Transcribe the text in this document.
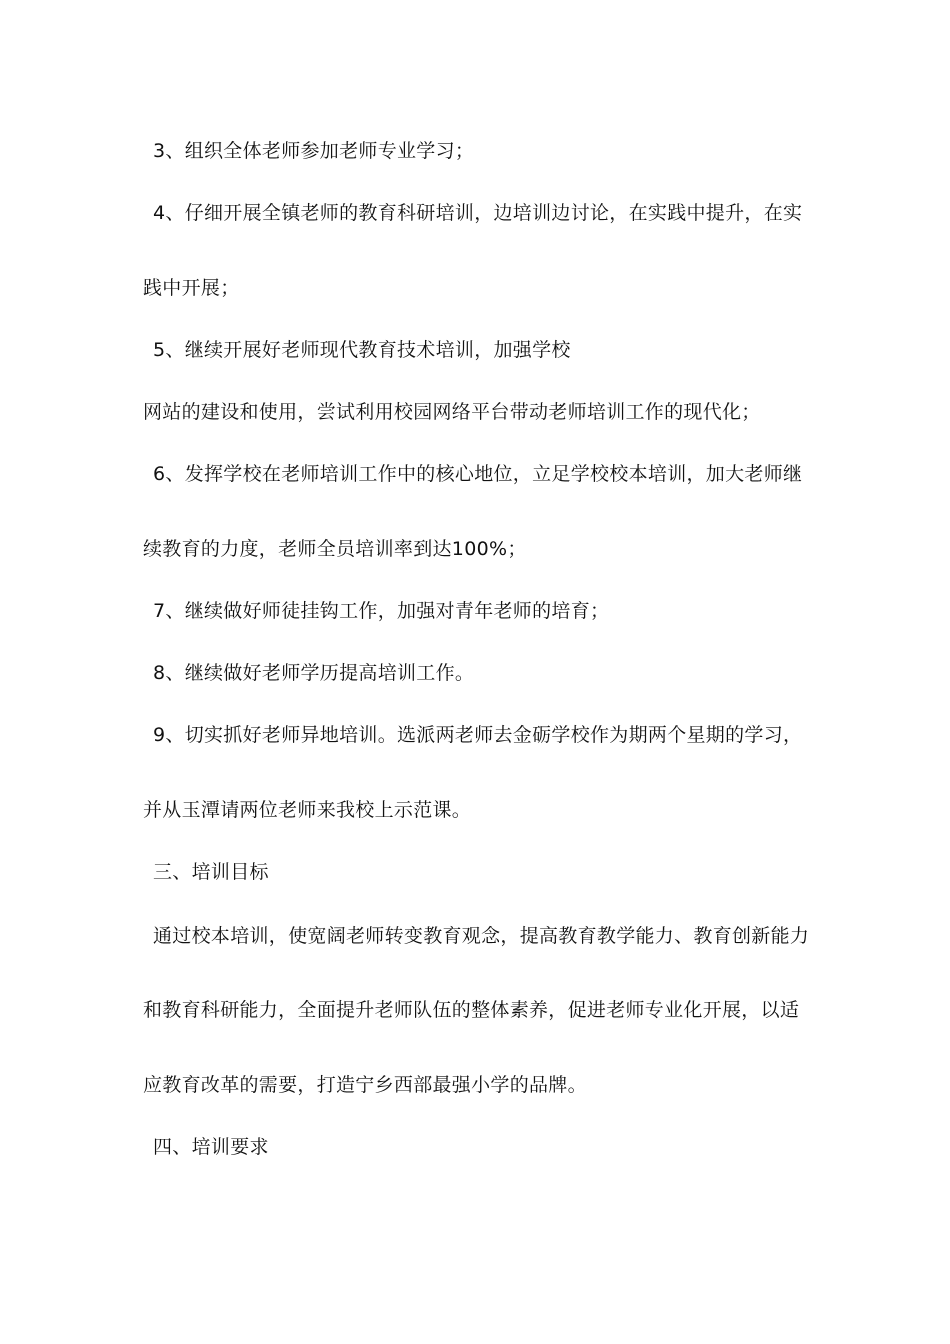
3、组织全体老师参加老师专业学习；
4、仔细开展全镇老师的教育科研培训，边培训边讨论，在实践中提升，在实
践中开展；
5、继续开展好老师现代教育技术培训，加强学校
网站的建设和使用，尝试利用校园网络平台带动老师培训工作的现代化；
6、发挥学校在老师培训工作中的核心地位，立足学校校本培训，加大老师继
续教育的力度，老师全员培训率到达100%；
7、继续做好师徒挂钩工作，加强对青年老师的培育；
8、继续做好老师学历提高培训工作。
9、切实抓好老师异地培训。选派两老师去金砺学校作为期两个星期的学习，
并从玉潭请两位老师来我校上示范课。
三、培训目标
通过校本培训，使宽阔老师转变教育观念，提高教育教学能力、教育创新能力
和教育科研能力，全面提升老师队伍的整体素养，促进老师专业化开展，以适
应教育改革的需要，打造宁乡西部最强小学的品牌。
四、培训要求
